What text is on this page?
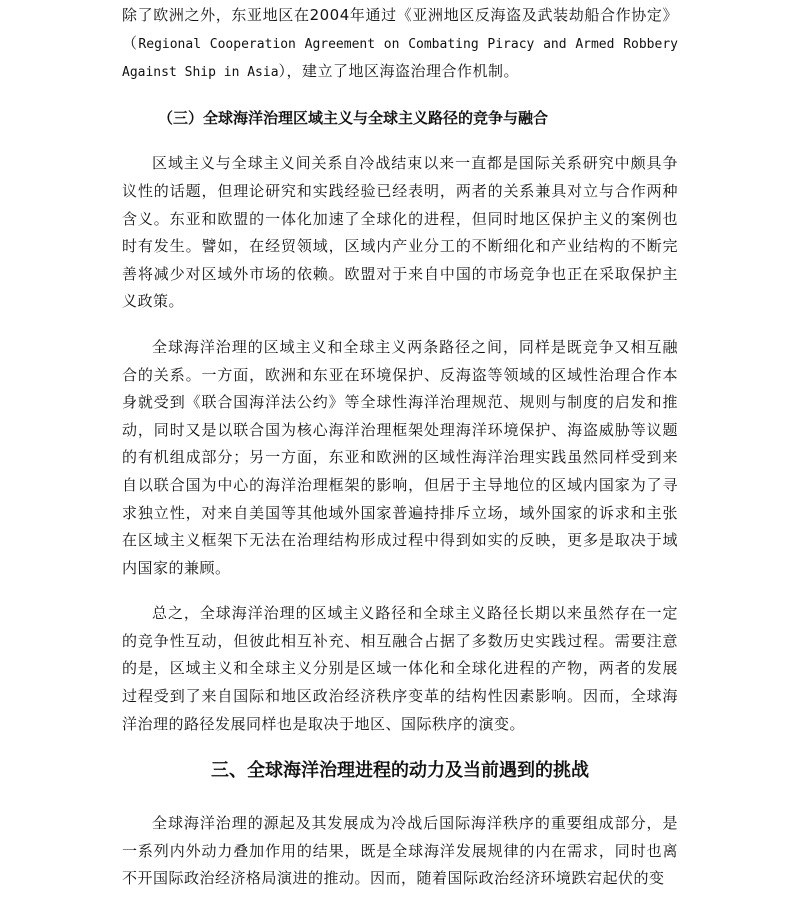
除了欧洲之外，东亚地区在2004年通过《亚洲地区反海盗及武装劫船合作协定》（Regional Cooperation Agreement on Combating Piracy and Armed Robbery Against Ship in Asia），建立了地区海盗治理合作机制。

（三）全球海洋治理区域主义与全球主义路径的竞争与融合

区域主义与全球主义间关系自冷战结束以来一直都是国际关系研究中颇具争议性的话题，但理论研究和实践经验已经表明，两者的关系兼具对立与合作两种含义。东亚和欧盟的一体化加速了全球化的进程，但同时地区保护主义的案例也时有发生。譬如，在经贸领域，区域内产业分工的不断细化和产业结构的不断完善将减少对区域外市场的依赖。欧盟对于来自中国的市场竞争也正在采取保护主义政策。

全球海洋治理的区域主义和全球主义两条路径之间，同样是既竞争又相互融合的关系。一方面，欧洲和东亚在环境保护、反海盗等领域的区域性治理合作本身就受到《联合国海洋法公约》等全球性海洋治理规范、规则与制度的启发和推动，同时又是以联合国为核心海洋治理框架处理海洋环境保护、海盗威胁等议题的有机组成部分；另一方面，东亚和欧洲的区域性海洋治理实践虽然同样受到来自以联合国为中心的海洋治理框架的影响，但居于主导地位的区域内国家为了寻求独立性，对来自美国等其他域外国家普遍持排斥立场，域外国家的诉求和主张在区域主义框架下无法在治理结构形成过程中得到如实的反映，更多是取决于域内国家的兼顾。

总之，全球海洋治理的区域主义路径和全球主义路径长期以来虽然存在一定的竞争性互动，但彼此相互补充、相互融合占据了多数历史实践过程。需要注意的是，区域主义和全球主义分别是区域一体化和全球化进程的产物，两者的发展过程受到了来自国际和地区政治经济秩序变革的结构性因素影响。因而，全球海洋治理的路径发展同样也是取决于地区、国际秩序的演变。

三、全球海洋治理进程的动力及当前遇到的挑战

全球海洋治理的源起及其发展成为冷战后国际海洋秩序的重要组成部分，是一系列内外动力叠加作用的结果，既是全球海洋发展规律的内在需求，同时也离不开国际政治经济格局演进的推动。因而，随着国际政治经济环境跌宕起伏的变
